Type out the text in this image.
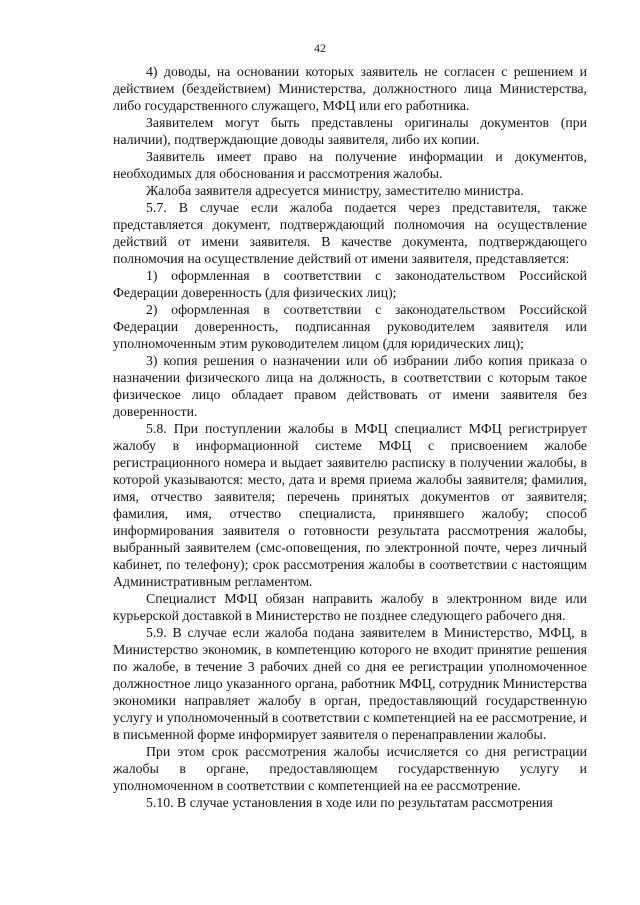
42

4) доводы, на основании которых заявитель не согласен с решением и действием (бездействием) Министерства, должностного лица Министерства, либо государственного служащего, МФЦ или его работника.

Заявителем могут быть представлены оригиналы документов (при наличии), подтверждающие доводы заявителя, либо их копии.

Заявитель имеет право на получение информации и документов, необходимых для обоснования и рассмотрения жалобы.

Жалоба заявителя адресуется министру, заместителю министра.

5.7. В случае если жалоба подается через представителя, также представляется документ, подтверждающий полномочия на осуществление действий от имени заявителя. В качестве документа, подтверждающего полномочия на осуществление действий от имени заявителя, представляется:

1) оформленная в соответствии с законодательством Российской Федерации доверенность (для физических лиц);

2) оформленная в соответствии с законодательством Российской Федерации доверенность, подписанная руководителем заявителя или уполномоченным этим руководителем лицом (для юридических лиц);

3) копия решения о назначении или об избрании либо копия приказа о назначении физического лица на должность, в соответствии с которым такое физическое лицо обладает правом действовать от имени заявителя без доверенности.

5.8. При поступлении жалобы в МФЦ специалист МФЦ регистрирует жалобу в информационной системе МФЦ с присвоением жалобе регистрационного номера и выдает заявителю расписку в получении жалобы, в которой указываются: место, дата и время приема жалобы заявителя; фамилия, имя, отчество заявителя; перечень принятых документов от заявителя; фамилия, имя, отчество специалиста, принявшего жалобу; способ информирования заявителя о готовности результата рассмотрения жалобы, выбранный заявителем (смс-оповещения, по электронной почте, через личный кабинет, по телефону); срок рассмотрения жалобы в соответствии с настоящим Административным регламентом.

Специалист МФЦ обязан направить жалобу в электронном виде или курьерской доставкой в Министерство не позднее следующего рабочего дня.

5.9. В случае если жалоба подана заявителем в Министерство, МФЦ, в Министерство экономик, в компетенцию которого не входит принятие решения по жалобе, в течение 3 рабочих дней со дня ее регистрации уполномоченное должностное лицо указанного органа, работник МФЦ, сотрудник Министерства экономики направляет жалобу в орган, предоставляющий государственную услугу и уполномоченный в соответствии с компетенцией на ее рассмотрение, и в письменной форме информирует заявителя о перенаправлении жалобы.

При этом срок рассмотрения жалобы исчисляется со дня регистрации жалобы в органе, предоставляющем государственную услугу и уполномоченном в соответствии с компетенцией на ее рассмотрение.

5.10. В случае установления в ходе или по результатам рассмотрения
